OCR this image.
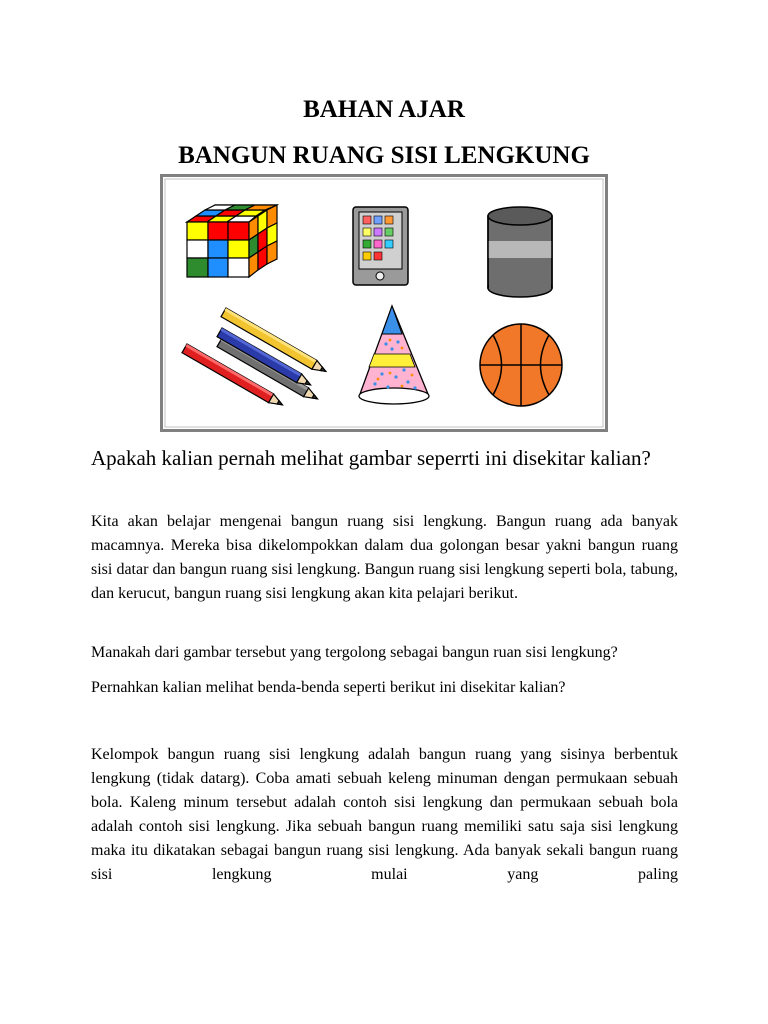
BAHAN AJAR
BANGUN RUANG SISI LENGKUNG
Apakah kalian pernah melihat gambar seperrti ini disekitar kalian?
Kita akan belajar mengenai bangun ruang sisi lengkung. Bangun ruang ada banyak macamnya. Mereka bisa dikelompokkan dalam dua golongan besar yakni bangun ruang sisi datar dan bangun ruang sisi lengkung. Bangun ruang sisi lengkung seperti bola, tabung, dan kerucut, bangun ruang sisi lengkung akan kita pelajari berikut.
Manakah dari gambar tersebut yang tergolong sebagai bangun ruan sisi lengkung?
Pernahkan kalian melihat benda-benda seperti berikut ini disekitar kalian?
Kelompok bangun ruang sisi lengkung adalah bangun ruang yang sisinya berbentuk lengkung (tidak datarg). Coba amati sebuah keleng minuman dengan permukaan sebuah bola. Kaleng minum tersebut adalah contoh sisi lengkung dan permukaan sebuah bola adalah contoh sisi lengkung. Jika sebuah bangun ruang memiliki satu saja sisi lengkung maka itu dikatakan sebagai bangun ruang sisi lengkung. Ada banyak sekali bangun ruang sisi lengkung mulai yang paling
